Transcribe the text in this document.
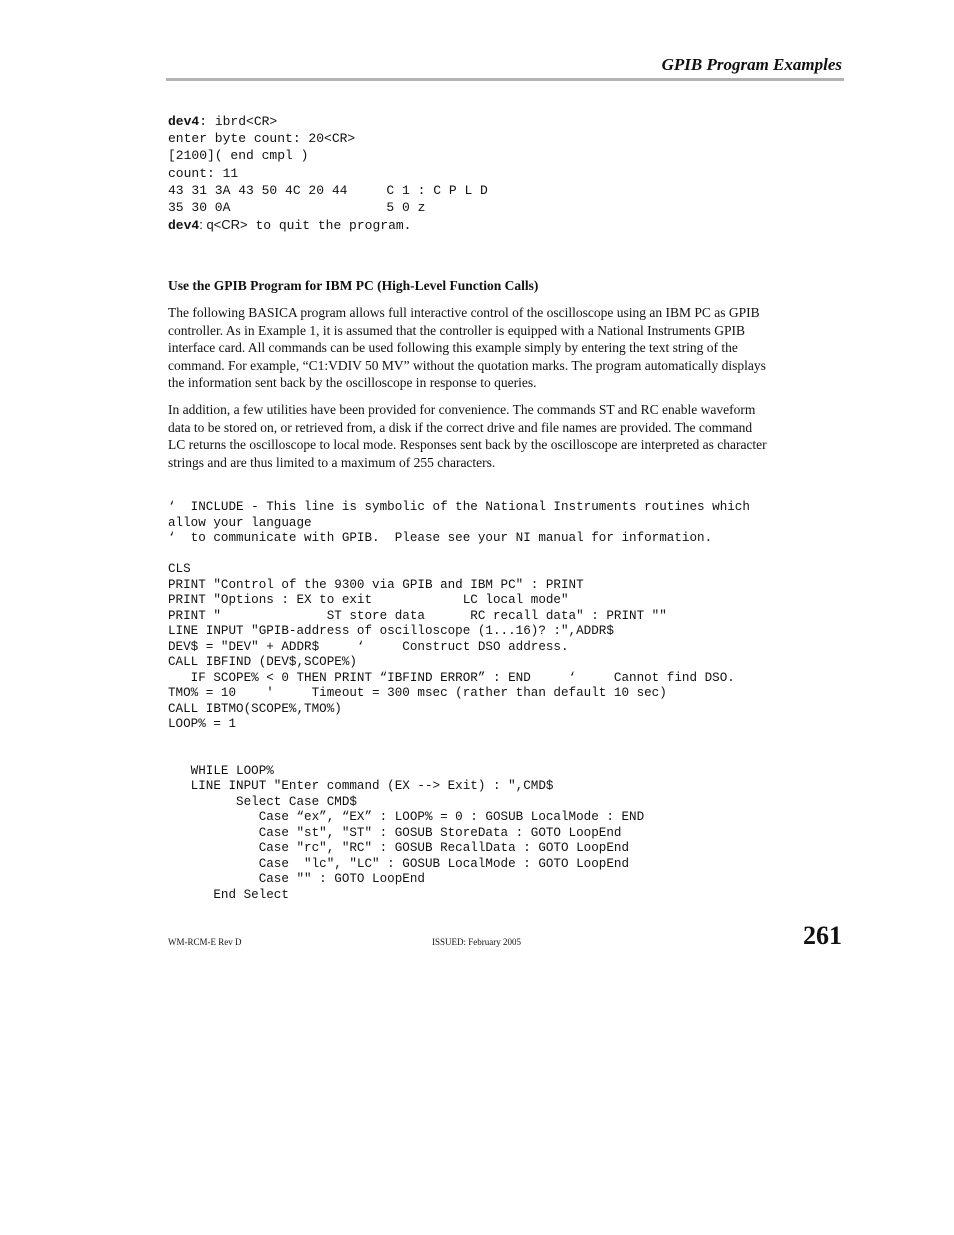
GPIB Program Examples
dev4: ibrd<CR>
enter byte count: 20<CR>
[2100]( end cmpl )
count: 11
43 31 3A 43 50 4C 20 44     C 1 : C P L D
35 30 0A                    5 0 z
dev4: q<CR> to quit the program.
Use the GPIB Program for IBM PC (High-Level Function Calls)
The following BASICA program allows full interactive control of the oscilloscope using an IBM PC as GPIB
controller. As in Example 1, it is assumed that the controller is equipped with a National Instruments GPIB
interface card. All commands can be used following this example simply by entering the text string of the
command. For example, “C1:VDIV 50 MV” without the quotation marks. The program automatically displays
the information sent back by the oscilloscope in response to queries.
In addition, a few utilities have been provided for convenience. The commands ST and RC enable waveform
data to be stored on, or retrieved from, a disk if the correct drive and file names are provided. The command
LC returns the oscilloscope to local mode. Responses sent back by the oscilloscope are interpreted as character
strings and are thus limited to a maximum of 255 characters.
‘  INCLUDE - This line is symbolic of the National Instruments routines which
allow your language
‘  to communicate with GPIB.  Please see your NI manual for information.
CLS
PRINT "Control of the 9300 via GPIB and IBM PC" : PRINT
PRINT "Options : EX to exit            LC local mode"
PRINT "              ST store data      RC recall data" : PRINT ""
LINE INPUT "GPIB-address of oscilloscope (1...16)? :",ADDR$
DEV$ = "DEV" + ADDR$     ‘     Construct DSO address.
CALL IBFIND (DEV$,SCOPE%)
IF SCOPE% < 0 THEN PRINT “IBFIND ERROR” : END     ‘     Cannot find DSO.
TMO% = 10    '     Timeout = 300 msec (rather than default 10 sec)
CALL IBTMO(SCOPE%,TMO%)
LOOP% = 1
WHILE LOOP%
LINE INPUT "Enter command (EX --> Exit) : ",CMD$
Select Case CMD$
Case “ex”, “EX” : LOOP% = 0 : GOSUB LocalMode : END
Case "st", "ST" : GOSUB StoreData : GOTO LoopEnd
Case "rc", "RC" : GOSUB RecallData : GOTO LoopEnd
Case  "lc", "LC" : GOSUB LocalMode : GOTO LoopEnd
Case "" : GOTO LoopEnd
End Select
WM-RCM-E Rev D	ISSUED: February 2005	261
